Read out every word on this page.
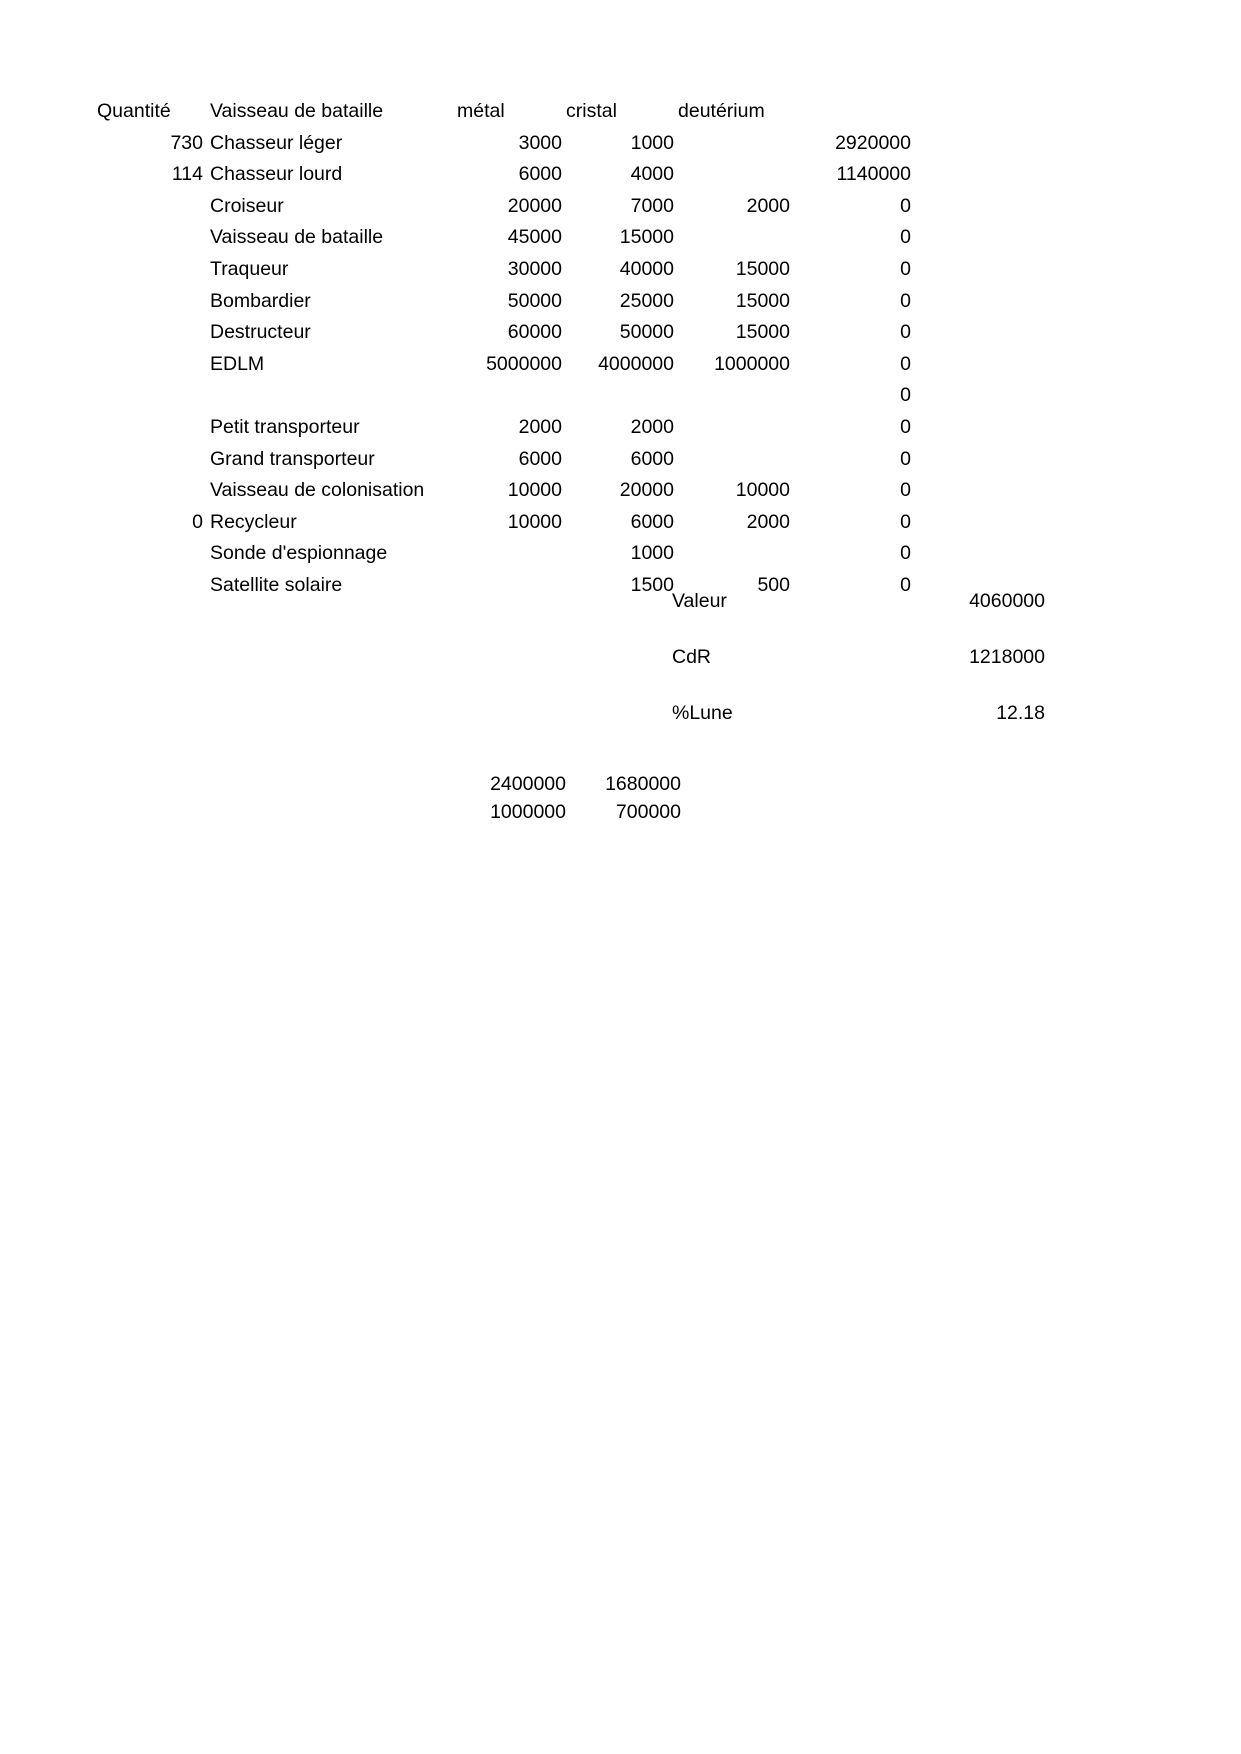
Quantité	Vaisseau de bataille	métal	cristal	deutérium	
730	Chasseur léger	3000	1000		2920000
114	Chasseur lourd	6000	4000		1140000
	Croiseur	20000	7000	2000	0
	Vaisseau de bataille	45000	15000		0
	Traqueur	30000	40000	15000	0
	Bombardier	50000	25000	15000	0
	Destructeur	60000	50000	15000	0
	EDLM	5000000	4000000	1000000	0
					0
	Petit transporteur	2000	2000		0
	Grand transporteur	6000	6000		0
	Vaisseau de colonisation	10000	20000	10000	0
0	Recycleur	10000	6000	2000	0
	Sonde d'espionnage		1000		0
	Satellite solaire		1500	500	0
Valeur	4060000
CdR	1218000
%Lune	12.18
2400000	1680000
1000000	700000
